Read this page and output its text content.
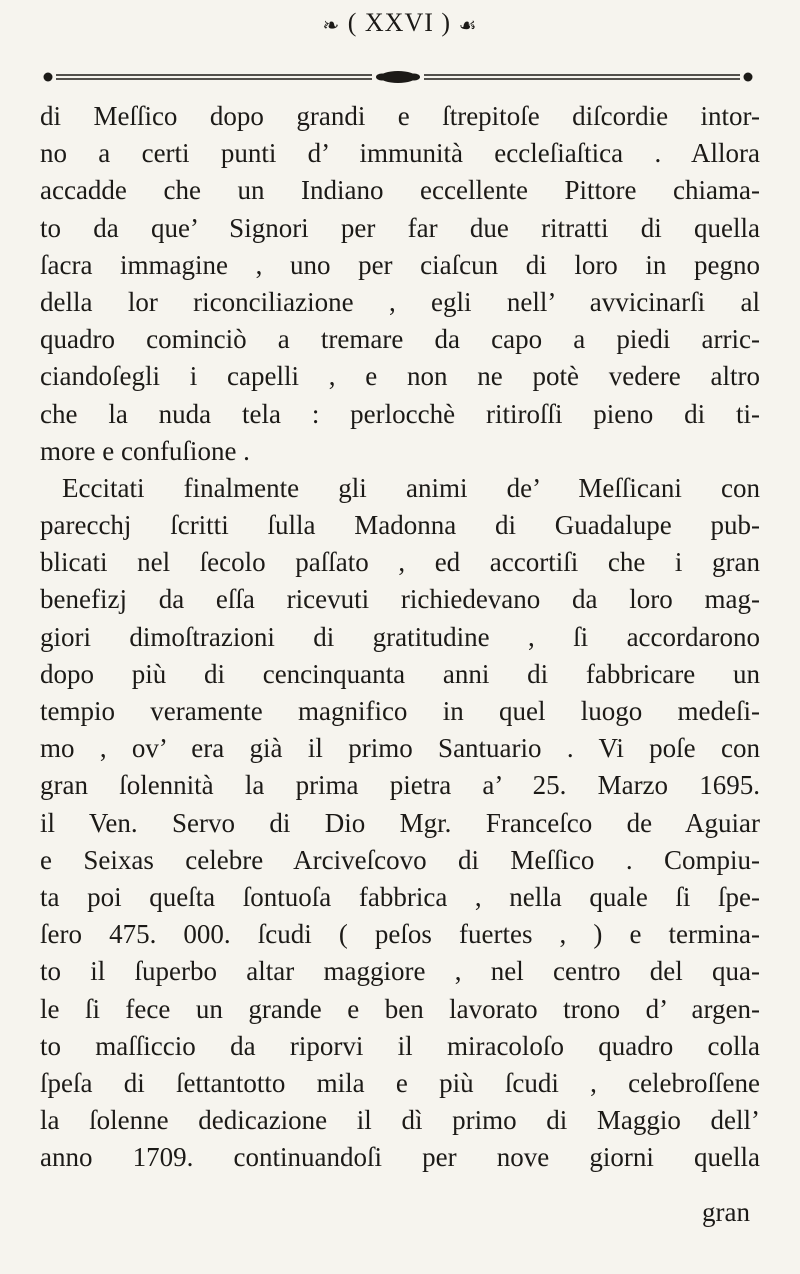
❧ ( XXVI ) ☙
di Meſſico dopo grandi e ſtrepitoſe diſcordie intor-
no a certi punti d’ immunità eccleſiaſtica . Allora
accadde che un Indiano eccellente Pittore chiama-
to da que’ Signori per far due ritratti di quella
ſacra immagine , uno per ciaſcun di loro in pegno
della lor riconciliazione , egli nell’ avvicinarſi al
quadro cominciò a tremare da capo a piedi arric-
ciandoſegli i capelli , e non ne potè vedere altro
che la nuda tela : perlocchè ritiroſſi pieno di ti-
more e confuſione .
Eccitati finalmente gli animi de’ Meſſicani con
parecchj ſcritti ſulla Madonna di Guadalupe pub-
blicati nel ſecolo paſſato , ed accortiſi che i gran
benefizj da eſſa ricevuti richiedevano da loro mag-
giori dimoſtrazioni di gratitudine , ſi accordarono
dopo più di cencinquanta anni di fabbricare un
tempio veramente magnifico in quel luogo medeſi-
mo , ov’ era già il primo Santuario . Vi poſe con
gran ſolennità la prima pietra a’ 25. Marzo 1695.
il Ven. Servo di Dio Mgr. Franceſco de Aguiar
e Seixas celebre Arciveſcovo di Meſſico . Compiu-
ta poi queſta ſontuoſa fabbrica , nella quale ſi ſpe-
ſero 475. 000. ſcudi ( peſos fuertes , ) e termina-
to il ſuperbo altar maggiore , nel centro del qua-
le ſi fece un grande e ben lavorato trono d’ argen-
to maſſiccio da riporvi il miracoloſo quadro colla
ſpeſa di ſettantotto mila e più ſcudi , celebroſſene
la ſolenne dedicazione il dì primo di Maggio dell’
anno 1709. continuandoſi per nove giorni quella
gran
